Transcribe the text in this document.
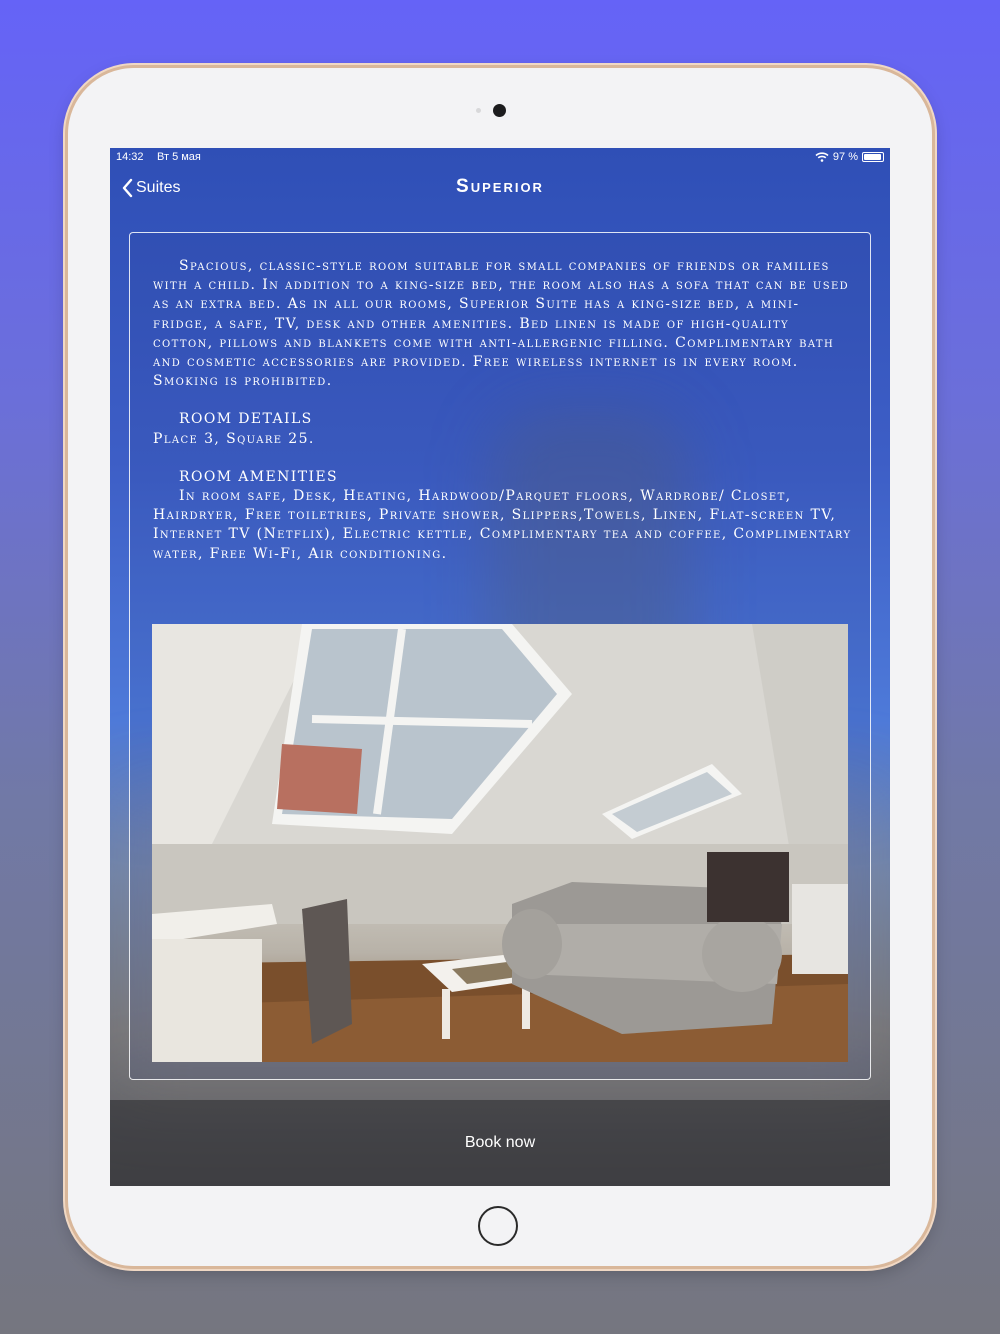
14:32 Вт 5 мая	97 %
Suites	Superior

Spacious, classic-style room suitable for small companies of friends or families with a child. In addition to a king-size bed, the room also has a sofa that can be used as an extra bed. As in all our rooms, Superior Suite has a king-size bed, a mini-fridge, a safe, TV, desk and other amenities. Bed linen is made of high-quality cotton, pillows and blankets come with anti-allergenic filling. Complimentary bath and cosmetic accessories are provided. Free wireless internet is in every room. Smoking is prohibited.

ROOM DETAILS

Place 3, Square 25.

ROOM AMENITIES

In room safe, Desk, Heating, Hardwood/Parquet floors, Wardrobe/ Closet, Hairdryer, Free toiletries, Private shower, Slippers,Towels, Linen, Flat-screen TV, Internet TV (Netflix), Electric kettle, Complimentary tea and coffee, Complimentary water, Free Wi-Fi, Air conditioning.

Book now
